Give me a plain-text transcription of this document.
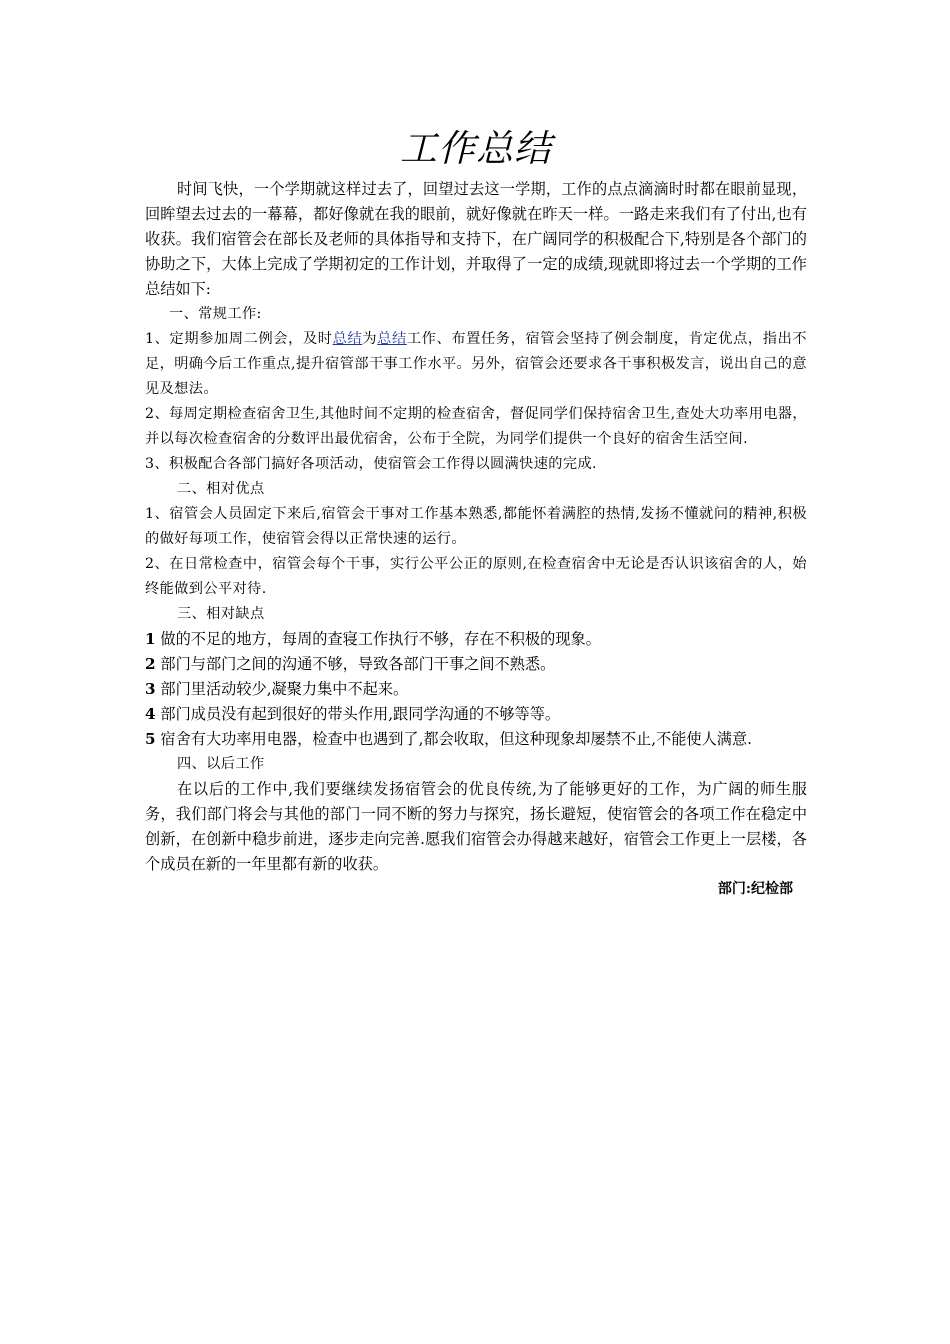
工作总结

时间飞快，一个学期就这样过去了，回望过去这一学期，工作的点点滴滴时时都在眼前显现，回眸望去过去的一幕幕，都好像就在我的眼前，就好像就在昨天一样。一路走来我们有了付出,也有收获。我们宿管会在部长及老师的具体指导和支持下，在广阔同学的积极配合下,特别是各个部门的协助之下，大体上完成了学期初定的工作计划，并取得了一定的成绩,现就即将过去一个学期的工作总结如下:

一、常规工作:

1、定期参加周二例会，及时总结为总结工作、布置任务，宿管会坚持了例会制度，肯定优点，指出不足，明确今后工作重点,提升宿管部干事工作水平。另外，宿管会还要求各干事积极发言，说出自己的意见及想法。

2、每周定期检查宿舍卫生,其他时间不定期的检查宿舍，督促同学们保持宿舍卫生,查处大功率用电器，并以每次检查宿舍的分数评出最优宿舍，公布于全院，为同学们提供一个良好的宿舍生活空间.

3、积极配合各部门搞好各项活动，使宿管会工作得以圆满快速的完成.

二、相对优点

1、宿管会人员固定下来后,宿管会干事对工作基本熟悉,都能怀着满腔的热情,发扬不懂就问的精神,积极的做好每项工作，使宿管会得以正常快速的运行。

2、在日常检查中，宿管会每个干事，实行公平公正的原则,在检查宿舍中无论是否认识该宿舍的人，始终能做到公平对待.

三、相对缺点

1 做的不足的地方，每周的查寝工作执行不够，存在不积极的现象。

2 部门与部门之间的沟通不够，导致各部门干事之间不熟悉。

3 部门里活动较少,凝聚力集中不起来。

4 部门成员没有起到很好的带头作用,跟同学沟通的不够等等。

5 宿舍有大功率用电器，检查中也遇到了,都会收取，但这种现象却屡禁不止,不能使人满意.

四、以后工作

在以后的工作中,我们要继续发扬宿管会的优良传统,为了能够更好的工作，为广阔的师生服务，我们部门将会与其他的部门一同不断的努力与探究，扬长避短，使宿管会的各项工作在稳定中创新，在创新中稳步前进，逐步走向完善.愿我们宿管会办得越来越好，宿管会工作更上一层楼，各个成员在新的一年里都有新的收获。

部门:纪检部
